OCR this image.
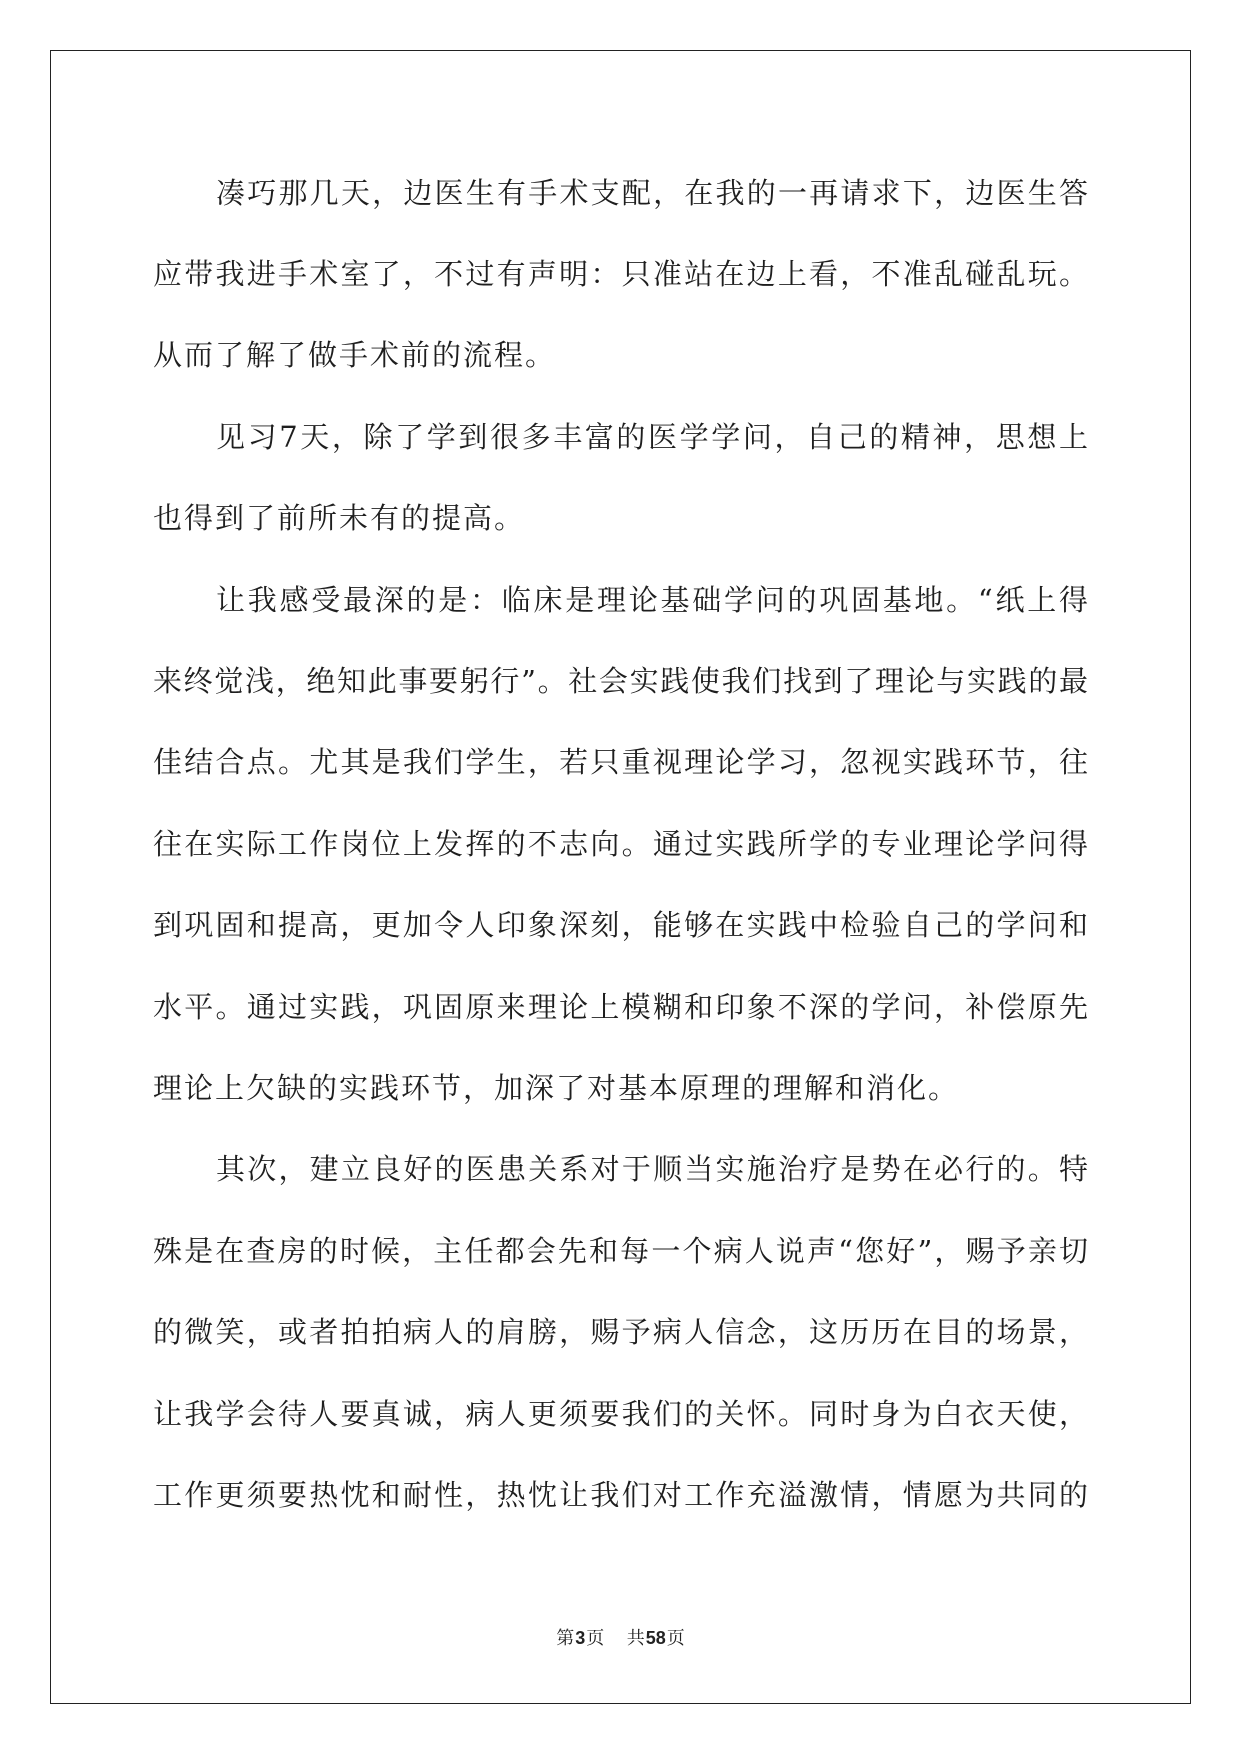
凑巧那几天，边医生有手术支配，在我的一再请求下，边医生答
应带我进手术室了，不过有声明：只准站在边上看，不准乱碰乱玩。
从而了解了做手术前的流程。
见习7天，除了学到很多丰富的医学学问，自己的精神，思想上
也得到了前所未有的提高。
让我感受最深的是：临床是理论基础学问的巩固基地。“纸上得
来终觉浅，绝知此事要躬行”。社会实践使我们找到了理论与实践的最
佳结合点。尤其是我们学生，若只重视理论学习，忽视实践环节，往
往在实际工作岗位上发挥的不志向。通过实践所学的专业理论学问得
到巩固和提高，更加令人印象深刻，能够在实践中检验自己的学问和
水平。通过实践，巩固原来理论上模糊和印象不深的学问，补偿原先
理论上欠缺的实践环节，加深了对基本原理的理解和消化。
其次，建立良好的医患关系对于顺当实施治疗是势在必行的。特
殊是在查房的时候，主任都会先和每一个病人说声“您好”，赐予亲切
的微笑，或者拍拍病人的肩膀，赐予病人信念，这历历在目的场景，
让我学会待人要真诚，病人更须要我们的关怀。同时身为白衣天使，
工作更须要热忱和耐性，热忱让我们对工作充溢激情，情愿为共同的
第3页 共58页
